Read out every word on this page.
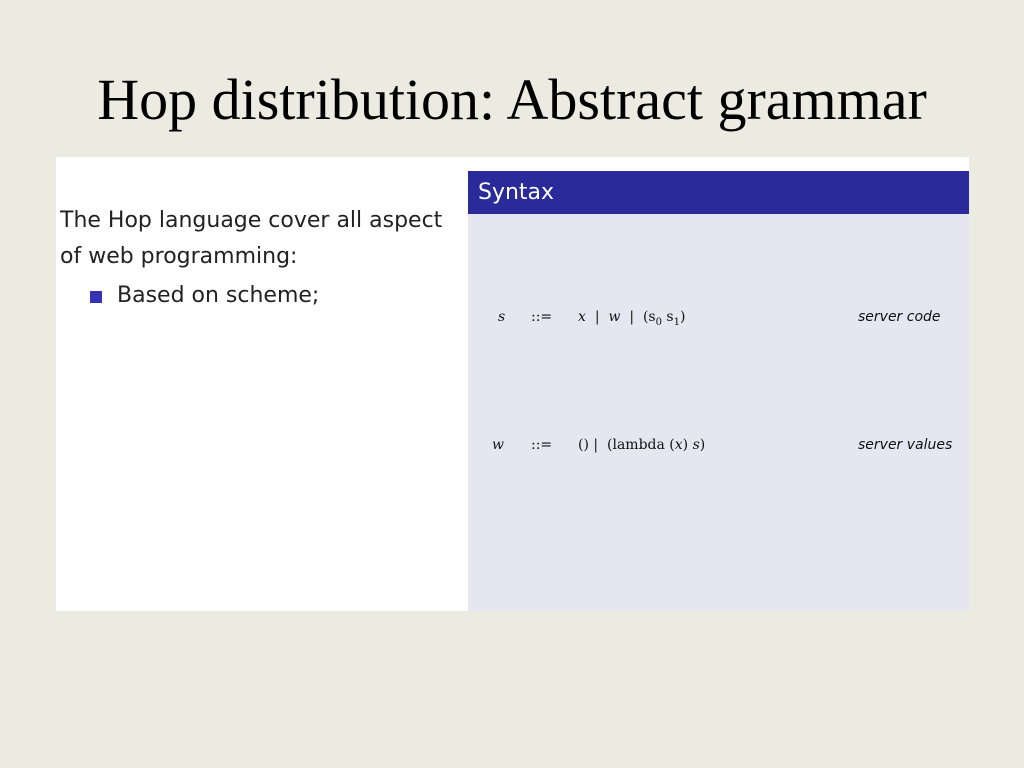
Hop distribution: Abstract grammar

The Hop language cover all aspect of web programming:

Based on scheme;
Syntax
s ::= x | w | ($s_0$ $s_1$)	server code
w ::= () | (lambda (x) s)	server values
